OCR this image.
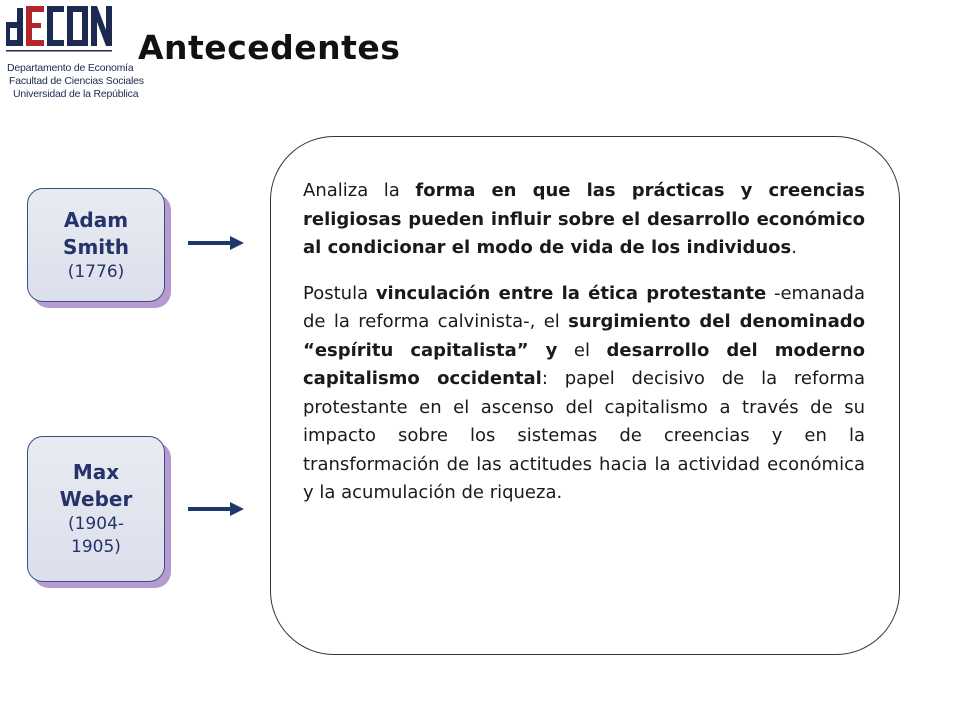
Departamento de Economía
Facultad de Ciencias Sociales
Universidad de la República
Antecedentes
Adam
Smith
(1776)
Max
Weber
(1904-
1905)

Analiza la forma en que las prácticas y creencias religiosas pueden influir sobre el desarrollo económico al condicionar el modo de vida de los individuos.

Postula vinculación entre la ética protestante -emanada de la reforma calvinista-, el surgimiento del denominado “espíritu capitalista” y el desarrollo del moderno capitalismo occidental: papel decisivo de la reforma protestante en el ascenso del capitalismo a través de su impacto sobre los sistemas de creencias y en la transformación de las actitudes hacia la actividad económica y la acumulación de riqueza.
